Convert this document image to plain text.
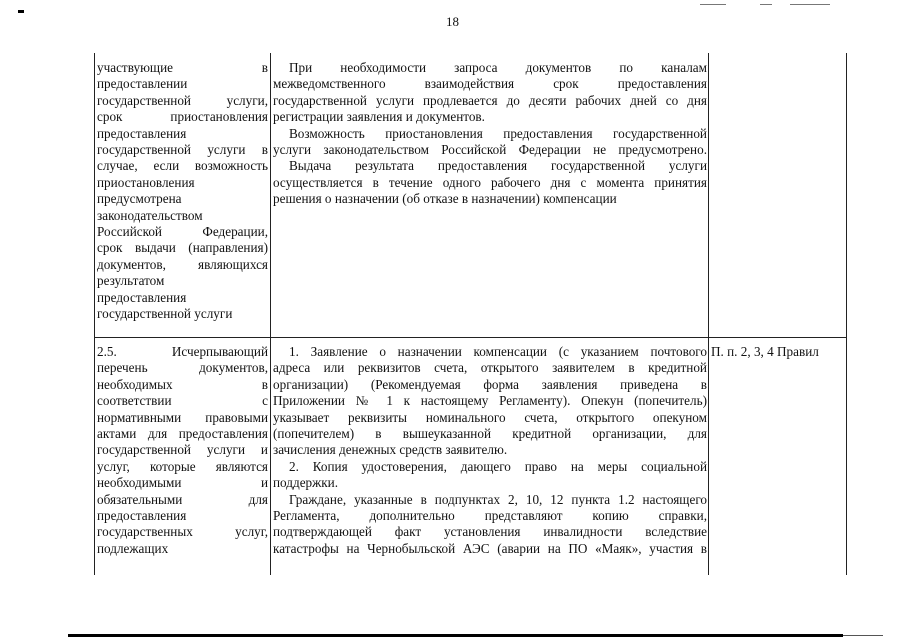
18
участвующие в
предоставлении
государственной услуги,
срок приостановления
предоставления
государственной услуги в
случае, если возможность
приостановления
предусмотрена
законодательством
Российской Федерации,
срок выдачи (направления)
документов, являющихся
результатом
предоставления
государственной услуги
При необходимости запроса документов по каналам
межведомственного взаимодействия срок предоставления
государственной услуги продлевается до десяти рабочих дней со дня
регистрации заявления и документов.
Возможность приостановления предоставления государственной
услуги законодательством Российской Федерации не предусмотрено.
Выдача результата предоставления государственной услуги
осуществляется в течение одного рабочего дня с момента принятия
решения о назначении (об отказе в назначении) компенсации
2.5. Исчерпывающий
перечень документов,
необходимых в
соответствии с
нормативными правовыми
актами для предоставления
государственной услуги и
услуг, которые являются
необходимыми и
обязательными для
предоставления
государственных услуг,
подлежащих
1. Заявление о назначении компенсации (с указанием почтового
адреса или реквизитов счета, открытого заявителем в кредитной
организации) (Рекомендуемая форма заявления приведена в
Приложении № 1 к настоящему Регламенту). Опекун (попечитель)
указывает реквизиты номинального счета, открытого опекуном
(попечителем) в вышеуказанной кредитной организации, для
зачисления денежных средств заявителю.
2. Копия удостоверения, дающего право на меры социальной
поддержки.
Граждане, указанные в подпунктах 2, 10, 12 пункта 1.2 настоящего
Регламента, дополнительно представляют копию справки,
подтверждающей факт установления инвалидности вследствие
катастрофы на Чернобыльской АЭС (аварии на ПО «Маяк», участия в
П. п. 2, 3, 4 Правил
